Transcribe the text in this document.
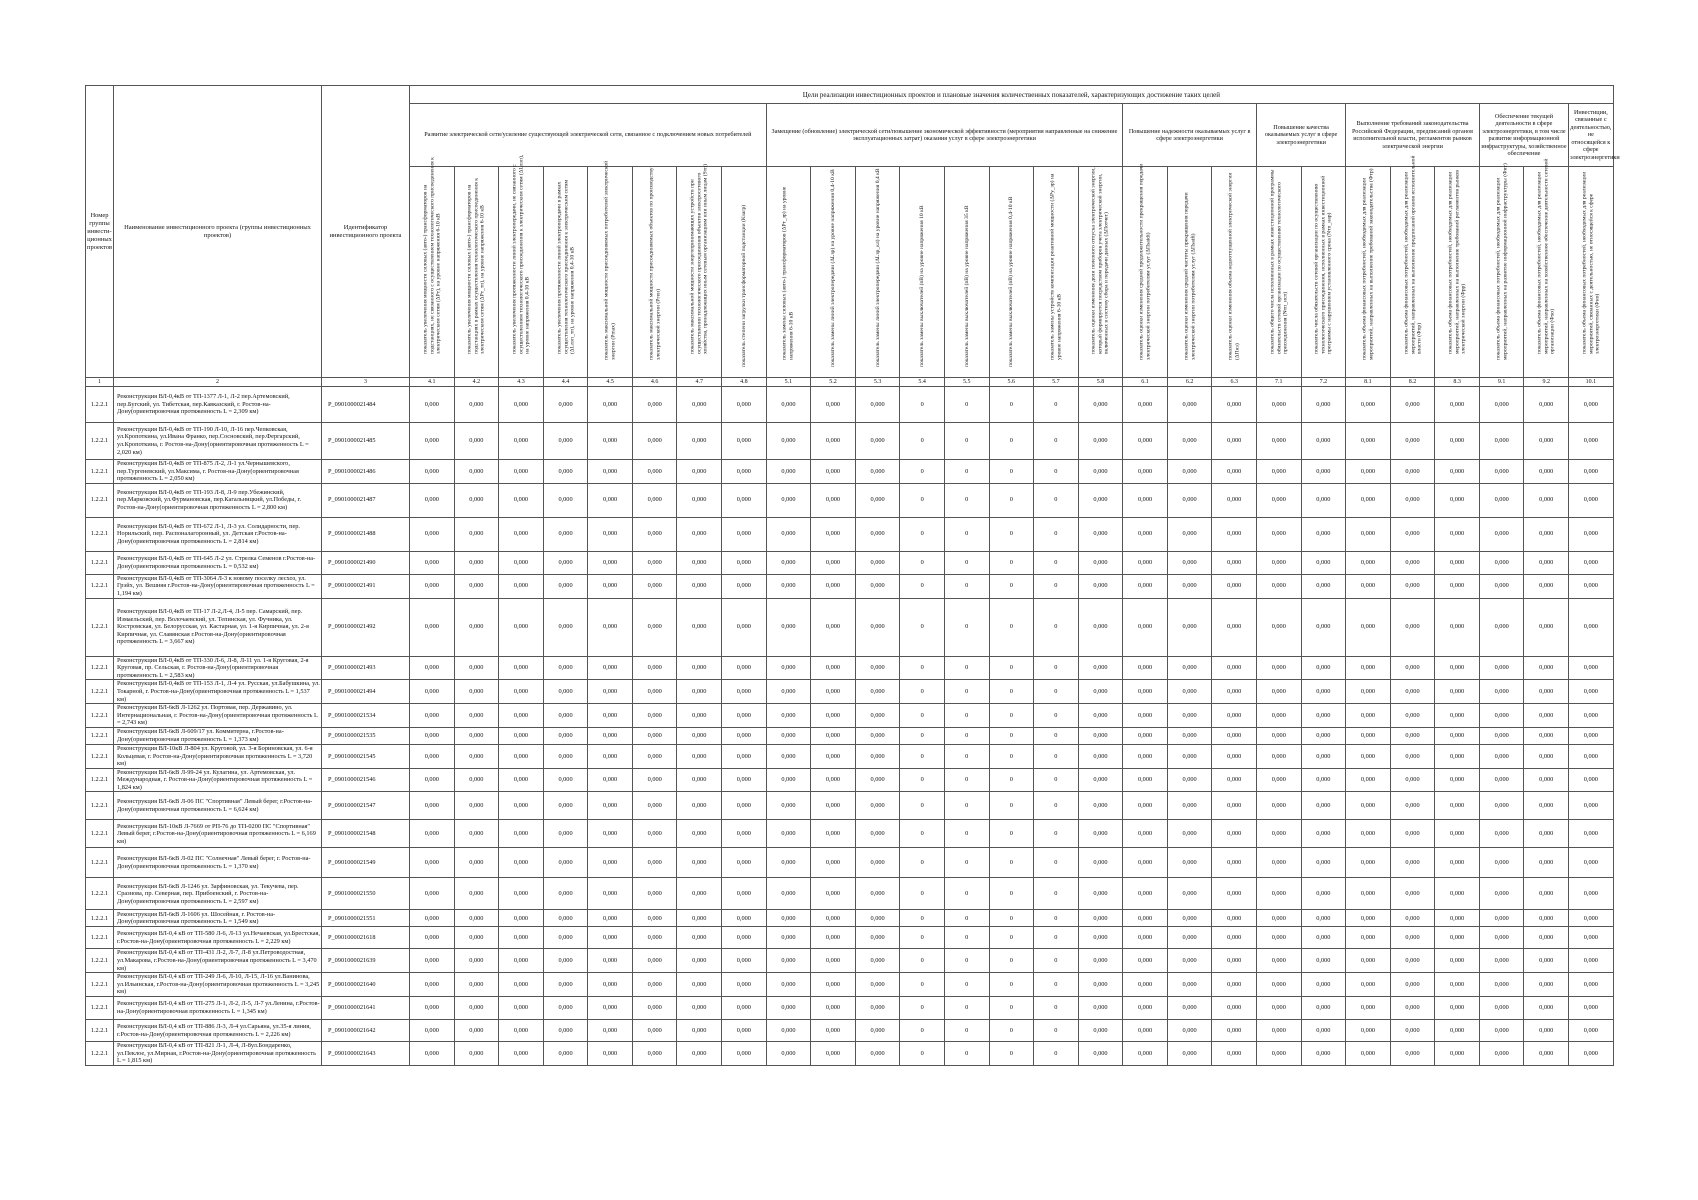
Номер группы инвести-ционных проектов	Наименование инвестиционного проекта (группы инвестиционных проектов)	Идентификатор инвестиционного проекта	Цели реализации инвестиционных проектов и плановые значения количественных показателей, характеризующих достижение таких целей																										
			Развитие электрической сети/усиление существующей электрической сети, связанное с подключением новых потребителей								Замещение (обновление) электрической сети/повышение экономической эффективности (мероприятия направленные на снижение эксплуатационных затрат) оказания услуг в сфере электроэнергетики								Повышение надежности оказываемых услуг в сфере электроэнергетики			Повышение качества оказываемых услуг в сфере электроэнергетики		Выполнение требований законодательства Российской Федерации, предписаний органов исполнительной власти, регламентов рынков электрической энергии			Обеспечение текущей деятельности в сфере электроэнергетики, в том числе развитие информационной инфраструктуры, хозяйственное обеспечение		Инвестиции, связанные с деятельностью, не относящейся к сфере электроэнергетики

			показатель увеличения мощности силовых (авто-) трансформаторов на подстанциях, не связанного с осуществлением технологического присоединения к электрическим сетям (ΔPт), на уровне напряжения 6-10 кВ	показатель увеличения мощности силовых (авто-) трансформаторов на подстанциях в рамках осуществления технологического присоединения к электрическим сетям (ΔPт_тп), на уровне напряжения 6-10 кВ	показатель увеличения протяженности линий электропередачи, не связанного с осуществлением технологического присоединения к электрическим сетям (ΔLлэп), на уровне напряжения 0,4-10 кВ	показатель увеличения протяженности линий электропередачи в рамках осуществления технологического присоединения к электрическим сетям (ΔLлэп_тп), на уровне напряжения 0,4-10 кВ	показатель максимальной мощности присоединяемых потребителей электрической энергии (Pmax)	показатель максимальной мощности присоединяемых объектов по производству электрической энергии (Pген)	показатель максимальной мощности энергопринимающих устройств при осуществлении технологического присоединения объектов электросетевого хозяйства, принадлежащих иным сетевым организациям или иным лицам (Sтп)	показатель степени загрузки трансформаторной подстанции (Кзагр)	показатель замены силовых (авто-) трансформаторов (ΔPт_зр) на уровне напряжения 6-10 кВ	показатель замены линий электропередачи (ΔLзр) на уровне напряжения 0,4-10 кВ	показатель замены линий электропередачи (ΔLзр_кл) на уровне напряжения 0,4 кВ	показатель замены выключателей (nВ) на уровне напряжения 10 кВ	показатель замены выключателей (nВ) на уровне напряжения 35 кВ	показатель замены выключателей (nВ) на уровне напряжения 0,4-10 кВ	показатель замены устройств компенсации реактивной мощности (ΔPу_зр) на уровне напряжения 6-10 кВ	показатель оценки изменения доли полезного отпуска электрической энергии, который формируется посредством приборов учета электрической энергии, включенных в систему сбора и передачи данных (ΔПотчет)	показатель оценки изменения средней продолжительности прекращения передачи электрической энергии потребителям услуг (ΔПsaidi)	показатель оценки изменения средней частоты прекращения передачи электрической энергии потребителям услуг (ΔПsaifi)	показатель оценки изменения объема недоотпущенной электрической энергии (ΔПнэ)	показатель общего числа исполненных в рамках инвестиционной программы обязательств сетевой организации по осуществлению технологического присоединения (Nтп_исп)	показатель числа обязательств сетевой организации по осуществлению технологического присоединения, исполненных в рамках инвестиционной программы с нарушением установленного срока (Nтп_нар)	показатель объема финансовых потребностей, необходимых для реализации мероприятий, направленных на выполнение требований законодательства (Фтр)	показатель объема финансовых потребностей, необходимых для реализации мероприятий, направленных на выполнение предписаний органов исполнительной власти (Фпр)	показатель объема финансовых потребностей, необходимых для реализации мероприятий, направленных на выполнение требований регламентов рынков электрической энергии (Фрр)	показатель объема финансовых потребностей, необходимых для реализации мероприятий, направленных на развитие информационной инфраструктуры (Фит)	показатель объема финансовых потребностей, необходимых для реализации мероприятий, направленных на хозяйственное обеспечение деятельности сетевой организации (Фхо)	показатель объема финансовых потребностей, необходимых для реализации мероприятий, связанных с деятельностью, не относящейся к сфере электроэнергетики (Фно)

1	2	3	4.1	4.2	4.3	4.4	4.5	4.6	4.7	4.8	5.1	5.2	5.3	5.4	5.5	5.6	5.7	5.8	6.1	6.2	6.3	7.1	7.2	8.1	8.2	8.3	9.1	9.2	10.1
1.2.2.1	Реконструкция ВЛ-0,4кВ от ТП-1377 Л-1, Л-2 пер.Артемовский, пер.Бугский, ул. Тибетская, пер.Кавказский, г. Ростов-на-Дону(ориентировочная протяженность L = 2,309 км)	P_0901000021484	0,000	0,000	0,000	0,000	0,000	0,000	0,000	0,000	0,000	0,000	0,000	0	0	0	0	0,000	0,000	0,000	0,000	0,000	0,000	0,000	0,000	0,000	0,000	0,000	0,000
1.2.2.1	Реконструкция ВЛ-0,4кВ от ТП-190 Л-10, Л-16 пер.Чепковская, ул.Кропоткина, ул.Ивана Франко, пер.Сосновский, пер.Фергарский, ул.Кропоткина, г. Ростов-на-Дону(ориентировочная протяженность L = 2,020 км)	P_0901000021485	0,000	0,000	0,000	0,000	0,000	0,000	0,000	0,000	0,000	0,000	0,000	0	0	0	0	0,000	0,000	0,000	0,000	0,000	0,000	0,000	0,000	0,000	0,000	0,000	0,000
1.2.2.1	Реконструкция ВЛ-0,4кВ от ТП-875 Л-2, Л-1 ул.Чернышевского, пер.Тургеневский, ул.Максима, г. Ростов-на-Дону(ориентировочная протяженность L = 2,050 км)	P_0901000021486	0,000	0,000	0,000	0,000	0,000	0,000	0,000	0,000	0,000	0,000	0,000	0	0	0	0	0,000	0,000	0,000	0,000	0,000	0,000	0,000	0,000	0,000	0,000	0,000	0,000
1.2.2.1	Реконструкция ВЛ-0,4кВ от ТП-193 Л-8, Л-9 пер.Убежинский, пер.Марковский, ул.Фурмановская, пер.Кагальницкий, ул.Победы, г. Ростов-на-Дону(ориентировочная протяженность L = 2,800 км)	P_0901000021487	0,000	0,000	0,000	0,000	0,000	0,000	0,000	0,000	0,000	0,000	0,000	0	0	0	0	0,000	0,000	0,000	0,000	0,000	0,000	0,000	0,000	0,000	0,000	0,000	0,000
1.2.2.1	Реконструкция ВЛ-0,4кВ от ТП-672 Л-1, Л-3 ул. Солидарности, пер. Норильский, пер. Распоналагоронный, ул. Детская г.Ростов-на-Дону(ориентировочная протяженность L = 2,814 км)	P_0901000021488	0,000	0,000	0,000	0,000	0,000	0,000	0,000	0,000	0,000	0,000	0,000	0	0	0	0	0,000	0,000	0,000	0,000	0,000	0,000	0,000	0,000	0,000	0,000	0,000	0,000
1.2.2.1	Реконструкция ВЛ-0,4кВ от ТП-645 Л-2 ул. Стрелка Семенов г.Ростов-на-Дону(ориентировочная протяженность L = 0,532 км)	P_0901000021490	0,000	0,000	0,000	0,000	0,000	0,000	0,000	0,000	0,000	0,000	0,000	0	0	0	0	0,000	0,000	0,000	0,000	0,000	0,000	0,000	0,000	0,000	0,000	0,000	0,000
1.2.2.1	Реконструкция ВЛ-0,4кВ от ТП-3064 Л-3 к новому поселку лесхоз, ул. Грэйх, ул. Вешняя г.Ростов-на-Дону(ориентировочная протяженность L = 1,194 км)	P_0901000021491	0,000	0,000	0,000	0,000	0,000	0,000	0,000	0,000	0,000	0,000	0,000	0	0	0	0	0,000	0,000	0,000	0,000	0,000	0,000	0,000	0,000	0,000	0,000	0,000	0,000
1.2.2.1	Реконструкция ВЛ-0,4кВ от ТП-17 Л-2,Л-4, Л-5 пер. Самарский, пер. Измаельский, пер. Волочаевский, ул. Тепинская, ул. Фучника, ул. Костромская, ул. Белорусская, ул. Кастарная, ул. 1-я Кирпичная, ул. 2-я Кирпичная, ул. Славянская г.Ростов-на-Дону(ориентировочная протяженность L = 3,667 км)	P_0901000021492	0,000	0,000	0,000	0,000	0,000	0,000	0,000	0,000	0,000	0,000	0,000	0	0	0	0	0,000	0,000	0,000	0,000	0,000	0,000	0,000	0,000	0,000	0,000	0,000	0,000
1.2.2.1	Реконструкция ВЛ-0,4кВ от ТП-330 Л-6, Л-8, Л-11 ул. 1-я Круговая, 2-я Круговая, пр. Сельская, г. Ростов-на-Дону(ориентировочная протяженность L = 2,583 км)	P_0901000021493	0,000	0,000	0,000	0,000	0,000	0,000	0,000	0,000	0,000	0,000	0,000	0	0	0	0	0,000	0,000	0,000	0,000	0,000	0,000	0,000	0,000	0,000	0,000	0,000	0,000
1.2.2.1	Реконструкция ВЛ-0,4кВ от ТП-153 Л-1, Л-4 ул. Русская, ул.Бабушкина, ул. Токарной, г. Ростов-на-Дону(ориентировочная протяженность L = 1,537 км)	P_0901000021494	0,000	0,000	0,000	0,000	0,000	0,000	0,000	0,000	0,000	0,000	0,000	0	0	0	0	0,000	0,000	0,000	0,000	0,000	0,000	0,000	0,000	0,000	0,000	0,000	0,000
1.2.2.1	Реконструкция ВЛ-6кВ Л-1262 ул. Портовая, пер. Державино, ул. Интернациональная, г. Ростов-на-Дону(ориентировочная протяженность L = 2,743 км)	P_0901000021534	0,000	0,000	0,000	0,000	0,000	0,000	0,000	0,000	0,000	0,000	0,000	0	0	0	0	0,000	0,000	0,000	0,000	0,000	0,000	0,000	0,000	0,000	0,000	0,000	0,000
1.2.2.1	Реконструкция ВЛ-6кВ Л-609/17 ул. Коммитерна, г.Ростов-на-Дону(ориентировочная протяженность L = 1,373 км)	P_0901000021535	0,000	0,000	0,000	0,000	0,000	0,000	0,000	0,000	0,000	0,000	0,000	0	0	0	0	0,000	0,000	0,000	0,000	0,000	0,000	0,000	0,000	0,000	0,000	0,000	0,000
1.2.2.1	Реконструкция ВЛ-10кВ Л-804 ул. Круговой, ул. 3-я Бориновская, ул. 6-я Кольцевая, г. Ростов-на-Дону(ориентировочная протяженность L = 3,720 км)	P_0901000021545	0,000	0,000	0,000	0,000	0,000	0,000	0,000	0,000	0,000	0,000	0,000	0	0	0	0	0,000	0,000	0,000	0,000	0,000	0,000	0,000	0,000	0,000	0,000	0,000	0,000
1.2.2.1	Реконструкция ВЛ-6кВ Л-99-24 ул. Кулагина, ул. Артемовская, ул. Международная, г. Ростов-на-Дону(ориентировочная протяженность L = 1,824 км)	P_0901000021546	0,000	0,000	0,000	0,000	0,000	0,000	0,000	0,000	0,000	0,000	0,000	0	0	0	0	0,000	0,000	0,000	0,000	0,000	0,000	0,000	0,000	0,000	0,000	0,000	0,000
1.2.2.1	Реконструкция ВЛ-6кВ Л-06 ПС "Спортивная" Левый берег, г.Ростов-на-Дону(ориентировочная протяженность L = 6,624 км)	P_0901000021547	0,000	0,000	0,000	0,000	0,000	0,000	0,000	0,000	0,000	0,000	0,000	0	0	0	0	0,000	0,000	0,000	0,000	0,000	0,000	0,000	0,000	0,000	0,000	0,000	0,000
1.2.2.1	Реконструкция ВЛ-10кВ Л-7669 от РП-76 до ТП-0200 ПС "Спортивная" Левый берег, г.Ростов-на-Дону(ориентировочная протяженность L = 6,169 км)	P_0901000021548	0,000	0,000	0,000	0,000	0,000	0,000	0,000	0,000	0,000	0,000	0,000	0	0	0	0	0,000	0,000	0,000	0,000	0,000	0,000	0,000	0,000	0,000	0,000	0,000	0,000
1.2.2.1	Реконструкция ВЛ-6кВ Л-02 ПС "Солнечная" Левый берег, г. Ростов-на-Дону(ориентировочная протяженность L = 1,370 км)	P_0901000021549	0,000	0,000	0,000	0,000	0,000	0,000	0,000	0,000	0,000	0,000	0,000	0	0	0	0	0,000	0,000	0,000	0,000	0,000	0,000	0,000	0,000	0,000	0,000	0,000	0,000
1.2.2.1	Реконструкция ВЛ-6кВ Л-1246 ул. Зарфиновская, ул. Текучева, пер. Сразнова, пр. Северная, пер. Прибоенский, г. Ростов-на-Дону(ориентировочная протяженность L = 2,597 км)	P_0901000021550	0,000	0,000	0,000	0,000	0,000	0,000	0,000	0,000	0,000	0,000	0,000	0	0	0	0	0,000	0,000	0,000	0,000	0,000	0,000	0,000	0,000	0,000	0,000	0,000	0,000
1.2.2.1	Реконструкция ВЛ-6кВ Л-1606 ул. Шосейная, г. Ростов-на-Дону(ориентировочная протяженность L = 1,549 км)	P_0901000021551	0,000	0,000	0,000	0,000	0,000	0,000	0,000	0,000	0,000	0,000	0,000	0	0	0	0	0,000	0,000	0,000	0,000	0,000	0,000	0,000	0,000	0,000	0,000	0,000	0,000
1.2.2.1	Реконструкция ВЛ-0,4 кВ от ТП-580 Л-6, Л-13 ул.Нечаевская, ул.Брестская, г.Ростов-на-Дону(ориентировочная протяженность L = 2,229 км)	P_0901000021618	0,000	0,000	0,000	0,000	0,000	0,000	0,000	0,000	0,000	0,000	0,000	0	0	0	0	0,000	0,000	0,000	0,000	0,000	0,000	0,000	0,000	0,000	0,000	0,000	0,000
1.2.2.1	Реконструкция ВЛ-0,4 кВ от ТП-431 Л-2, Л-7, Л-8 ул.Петроводостная, ул.Макарова, г.Ростов-на-Дону(ориентировочная протяженность L = 3,470 км)	P_0901000021639	0,000	0,000	0,000	0,000	0,000	0,000	0,000	0,000	0,000	0,000	0,000	0	0	0	0	0,000	0,000	0,000	0,000	0,000	0,000	0,000	0,000	0,000	0,000	0,000	0,000
1.2.2.1	Реконструкция ВЛ-0,4 кВ от ТП-249 Л-6, Л-10, Л-15, Л-16 ул.Ванинова, ул.Ильинская, г.Ростов-на-Дону(ориентировочная протяженность L = 3,245 км)	P_0901000021640	0,000	0,000	0,000	0,000	0,000	0,000	0,000	0,000	0,000	0,000	0,000	0	0	0	0	0,000	0,000	0,000	0,000	0,000	0,000	0,000	0,000	0,000	0,000	0,000	0,000
1.2.2.1	Реконструкция ВЛ-0,4 кВ от ТП-275 Л-1, Л-2, Л-5, Л-7 ул.Ленина, г.Ростов-на-Дону(ориентировочная протяженность L = 1,345 км)	P_0901000021641	0,000	0,000	0,000	0,000	0,000	0,000	0,000	0,000	0,000	0,000	0,000	0	0	0	0	0,000	0,000	0,000	0,000	0,000	0,000	0,000	0,000	0,000	0,000	0,000	0,000
1.2.2.1	Реконструкция ВЛ-0,4 кВ от ТП-886 Л-3, Л-4 ул.Сарьяна, ул.35-я линия, г.Ростов-на-Дону(ориентировочная протяженность L = 2,226 км)	P_0901000021642	0,000	0,000	0,000	0,000	0,000	0,000	0,000	0,000	0,000	0,000	0,000	0	0	0	0	0,000	0,000	0,000	0,000	0,000	0,000	0,000	0,000	0,000	0,000	0,000	0,000
1.2.2.1	Реконструкция ВЛ-0,4 кВ от ТП-821 Л-1, Л-4, Л-8ул.Бондаренко, ул.Пеклое, ул.Мирная, г.Ростов-на-Дону(ориентировочная протяженность L = 1,815 км)	P_0901000021643	0,000	0,000	0,000	0,000	0,000	0,000	0,000	0,000	0,000	0,000	0,000	0	0	0	0	0,000	0,000	0,000	0,000	0,000	0,000	0,000	0,000	0,000	0,000	0,000	0,000
